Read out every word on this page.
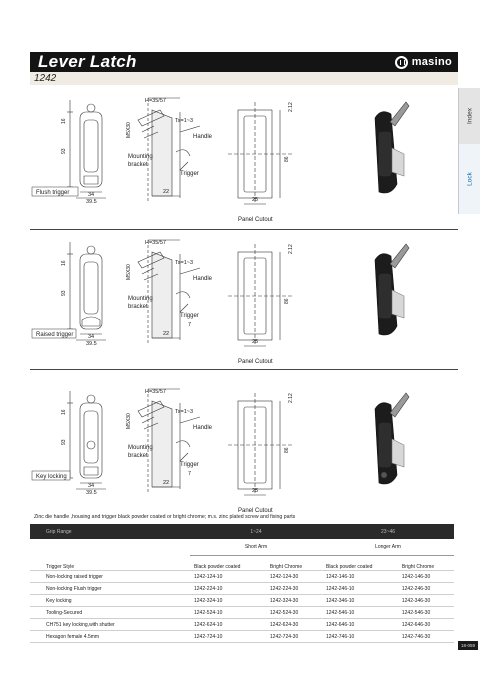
Lever Latch	masino
1242
Index
Lock
H=35/57
M5X30
Ts=1~3
Handle
Mounting
bracket
Trigger
16
93
34
39.5
22
2.12
86
25
Flush trigger
Panel Cutout
H=35/57
M5X30
Ts=1~3
Handle
Mounting
bracket
Trigger
16
93
34
39.5
22
2.12
86
25
7
Raised trigger
Panel Cutout
H=35/57
M5X30
Ts=1~3
Handle
Mounting
bracket
Trigger
16
93
34
39.5
22
2.12
86
25
7
Key locking
Panel Cutout
Zinc die handle ,housing and trigger black powder coated or bright chrome; m.s. zinc plated screw and fixing parts
Grip Range	1~24		23~46	
	Short Arm		Longer Arm	
Trigger Style	Black powder coated	Bright Chrome	Black powder coated	Bright Chrome
Non-locking raised trigger	1242-124-10	1242-124-30	1242-146-10	1242-146-30
Non-locking Flush trigger	1242-224-10	1242-224-30	1242-246-10	1242-246-30
Key locking	1242-324-10	1242-324-30	1242-346-10	1242-346-30
Tooling-Secured	1242-524-10	1242-524-30	1242-546-10	1242-546-30
CH751 key locking,with shutter	1242-624-10	1242-624-30	1242-646-10	1242-646-30
Hexagon female 4.5mm	1242-724-10	1242-724-30	1242-746-10	1242-746-30
18-059
